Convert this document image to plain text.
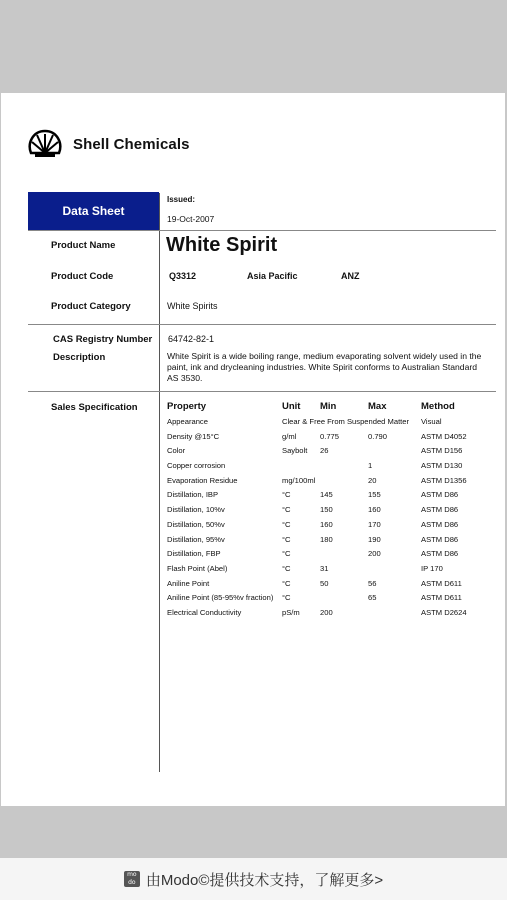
Shell Chemicals
Data Sheet
Issued:
19-Oct-2007
Product Name	White Spirit
Product Code	Q3312	Asia Pacific	ANZ
Product Category	White Spirits
CAS Registry Number 64742-82-1
Description	White Spirit is a wide boiling range, medium evaporating solvent widely used in the paint, ink and drycleaning industries. White Spirit conforms to Australian Standard AS 3530.
Sales Specification	Property	Unit	Min	Max	Method
Appearance	Clear & Free From Suspended Matter			Visual
Density @15°C	g/ml	0.775	0.790	ASTM D4052
Color	Saybolt	26		ASTM D156
Copper corrosion			1	ASTM D130
Evaporation Residue	mg/100ml		20	ASTM D1356
Distillation, IBP	°C	145	155	ASTM D86
Distillation, 10%v	°C	150	160	ASTM D86
Distillation, 50%v	°C	160	170	ASTM D86
Distillation, 95%v	°C	180	190	ASTM D86
Distillation, FBP	°C		200	ASTM D86
Flash Point (Abel)	°C	31		IP 170
Aniline Point	°C	50	56	ASTM D611
Aniline Point (85-95%v fraction)	°C		65	ASTM D611
Electrical Conductivity	pS/m	200		ASTM D2624
mo
do 由Modo©提供技术支持，了解更多>
